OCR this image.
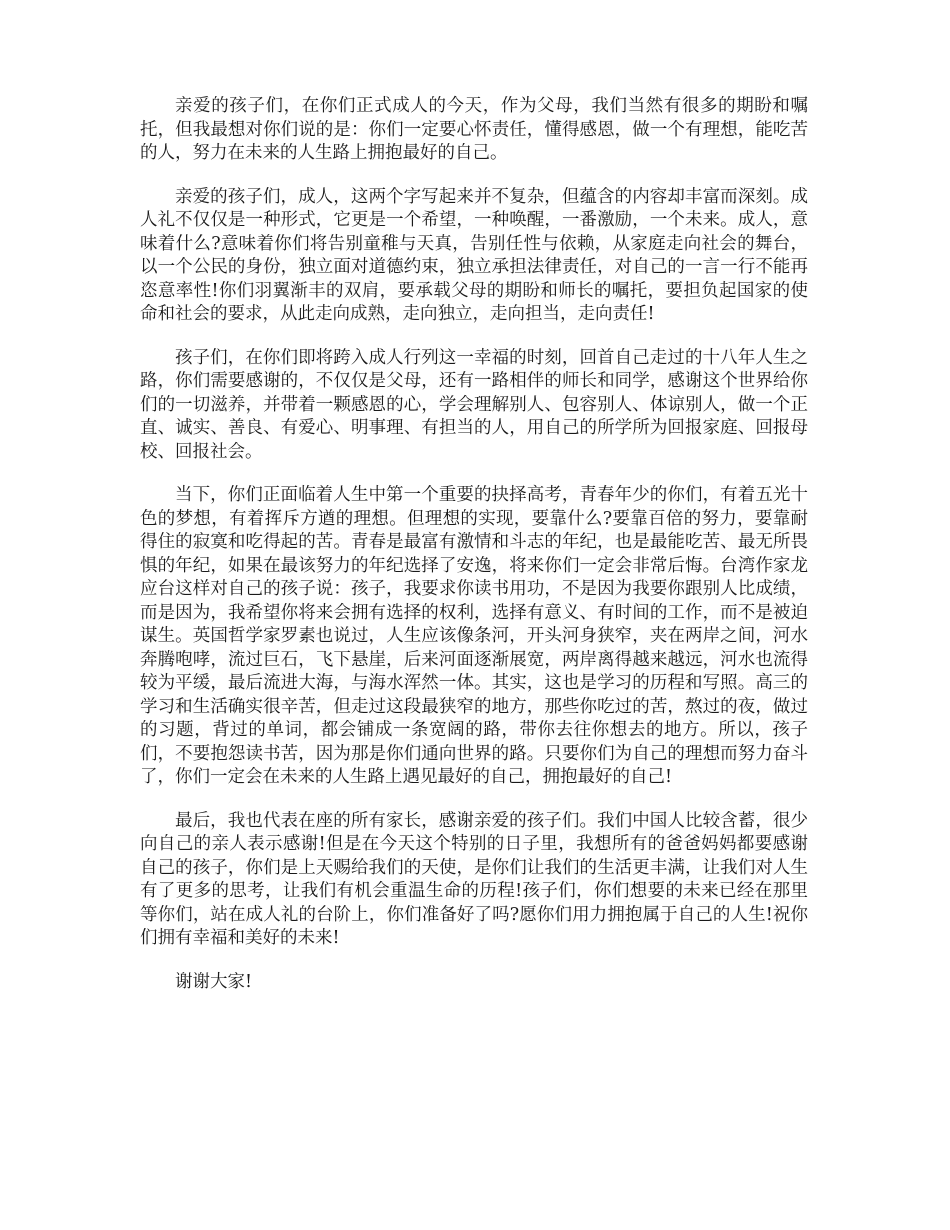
亲爱的孩子们，在你们正式成人的今天，作为父母，我们当然有很多的期盼和嘱托，但我最想对你们说的是：你们一定要心怀责任，懂得感恩，做一个有理想，能吃苦的人，努力在未来的人生路上拥抱最好的自己。

亲爱的孩子们，成人，这两个字写起来并不复杂，但蕴含的内容却丰富而深刻。成人礼不仅仅是一种形式，它更是一个希望，一种唤醒，一番激励，一个未来。成人，意味着什么?意味着你们将告别童稚与天真，告别任性与依赖，从家庭走向社会的舞台，以一个公民的身份，独立面对道德约束，独立承担法律责任，对自己的一言一行不能再恣意率性!你们羽翼渐丰的双肩，要承载父母的期盼和师长的嘱托，要担负起国家的使命和社会的要求，从此走向成熟，走向独立，走向担当，走向责任!

孩子们，在你们即将跨入成人行列这一幸福的时刻，回首自己走过的十八年人生之路，你们需要感谢的，不仅仅是父母，还有一路相伴的师长和同学，感谢这个世界给你们的一切滋养，并带着一颗感恩的心，学会理解别人、包容别人、体谅别人，做一个正直、诚实、善良、有爱心、明事理、有担当的人，用自己的所学所为回报家庭、回报母校、回报社会。

当下，你们正面临着人生中第一个重要的抉择高考，青春年少的你们，有着五光十色的梦想，有着挥斥方遒的理想。但理想的实现，要靠什么?要靠百倍的努力，要靠耐得住的寂寞和吃得起的苦。青春是最富有激情和斗志的年纪，也是最能吃苦、最无所畏惧的年纪，如果在最该努力的年纪选择了安逸，将来你们一定会非常后悔。台湾作家龙应台这样对自己的孩子说：孩子，我要求你读书用功，不是因为我要你跟别人比成绩，而是因为，我希望你将来会拥有选择的权利，选择有意义、有时间的工作，而不是被迫谋生。英国哲学家罗素也说过，人生应该像条河，开头河身狭窄，夹在两岸之间，河水奔腾咆哮，流过巨石，飞下悬崖，后来河面逐渐展宽，两岸离得越来越远，河水也流得较为平缓，最后流进大海，与海水浑然一体。其实，这也是学习的历程和写照。高三的学习和生活确实很辛苦，但走过这段最狭窄的地方，那些你吃过的苦，熬过的夜，做过的习题，背过的单词，都会铺成一条宽阔的路，带你去往你想去的地方。所以，孩子们，不要抱怨读书苦，因为那是你们通向世界的路。只要你们为自己的理想而努力奋斗了，你们一定会在未来的人生路上遇见最好的自己，拥抱最好的自己!

最后，我也代表在座的所有家长，感谢亲爱的孩子们。我们中国人比较含蓄，很少向自己的亲人表示感谢!但是在今天这个特别的日子里，我想所有的爸爸妈妈都要感谢自己的孩子，你们是上天赐给我们的天使，是你们让我们的生活更丰满，让我们对人生有了更多的思考，让我们有机会重温生命的历程!孩子们，你们想要的未来已经在那里等你们，站在成人礼的台阶上，你们准备好了吗?愿你们用力拥抱属于自己的人生!祝你们拥有幸福和美好的未来!

谢谢大家!
